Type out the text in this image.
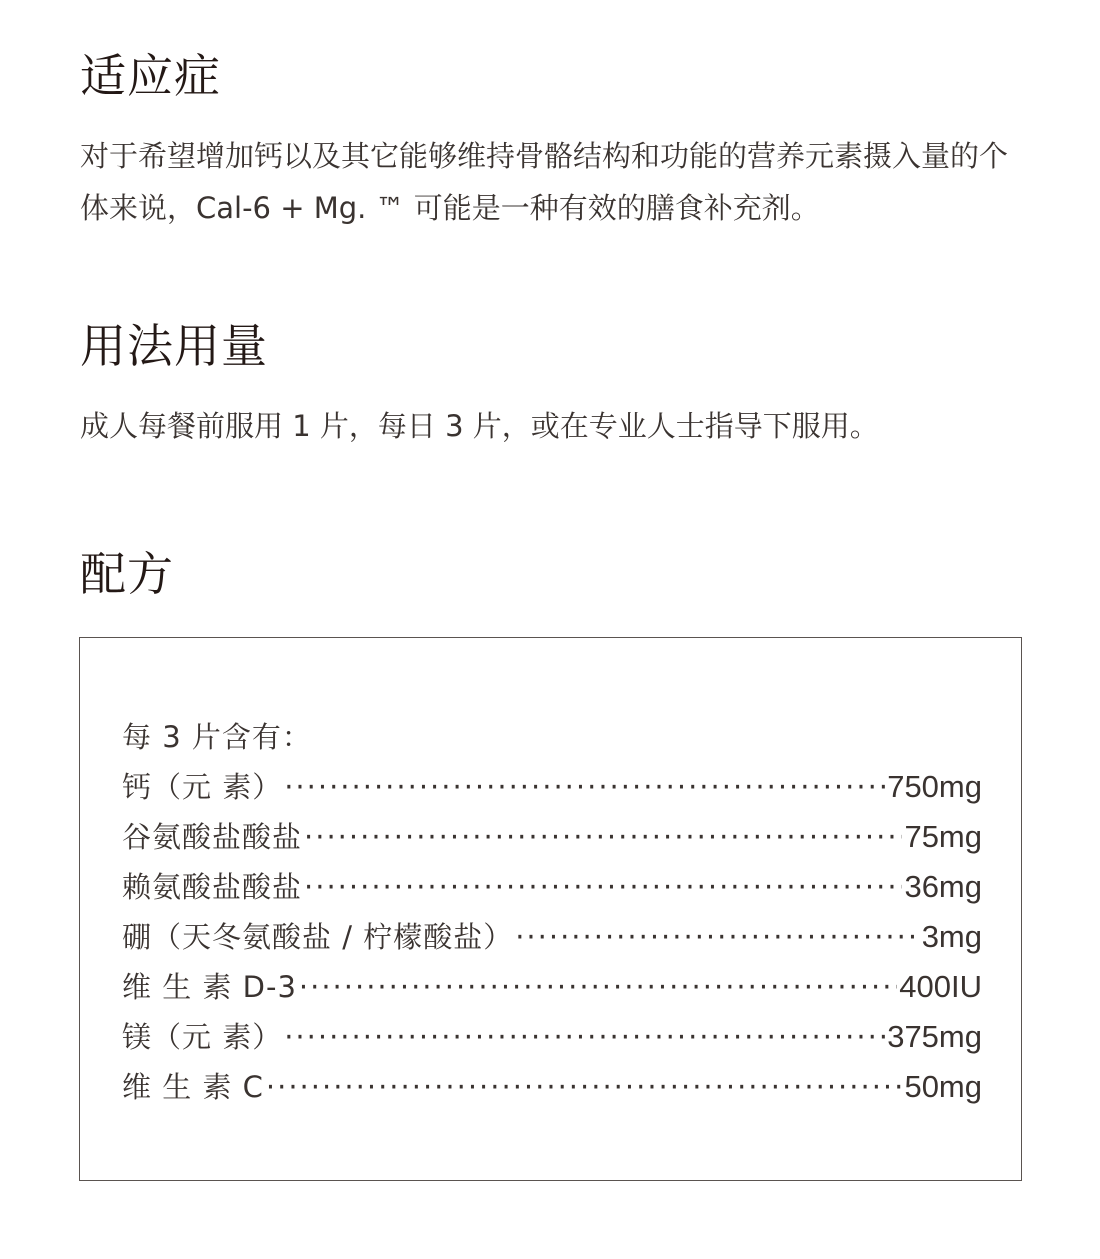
适应症

对于希望增加钙以及其它能够维持骨骼结构和功能的营养元素摄入量的个体来说，Cal-6 + Mg. ™ 可能是一种有效的膳食补充剂。

用法用量

成人每餐前服用 1 片，每日 3 片，或在专业人士指导下服用。

配方
每 3 片含有：
钙（元 素） ·····	750mg
谷氨酸盐酸盐 ·····	75mg
赖氨酸盐酸盐 ·····	36mg
硼（天冬氨酸盐 / 柠檬酸盐） ·····	3mg
维 生 素 D-3 ·····	400IU
镁（元 素） ·····	375mg
维 生 素 C ·····	50mg
